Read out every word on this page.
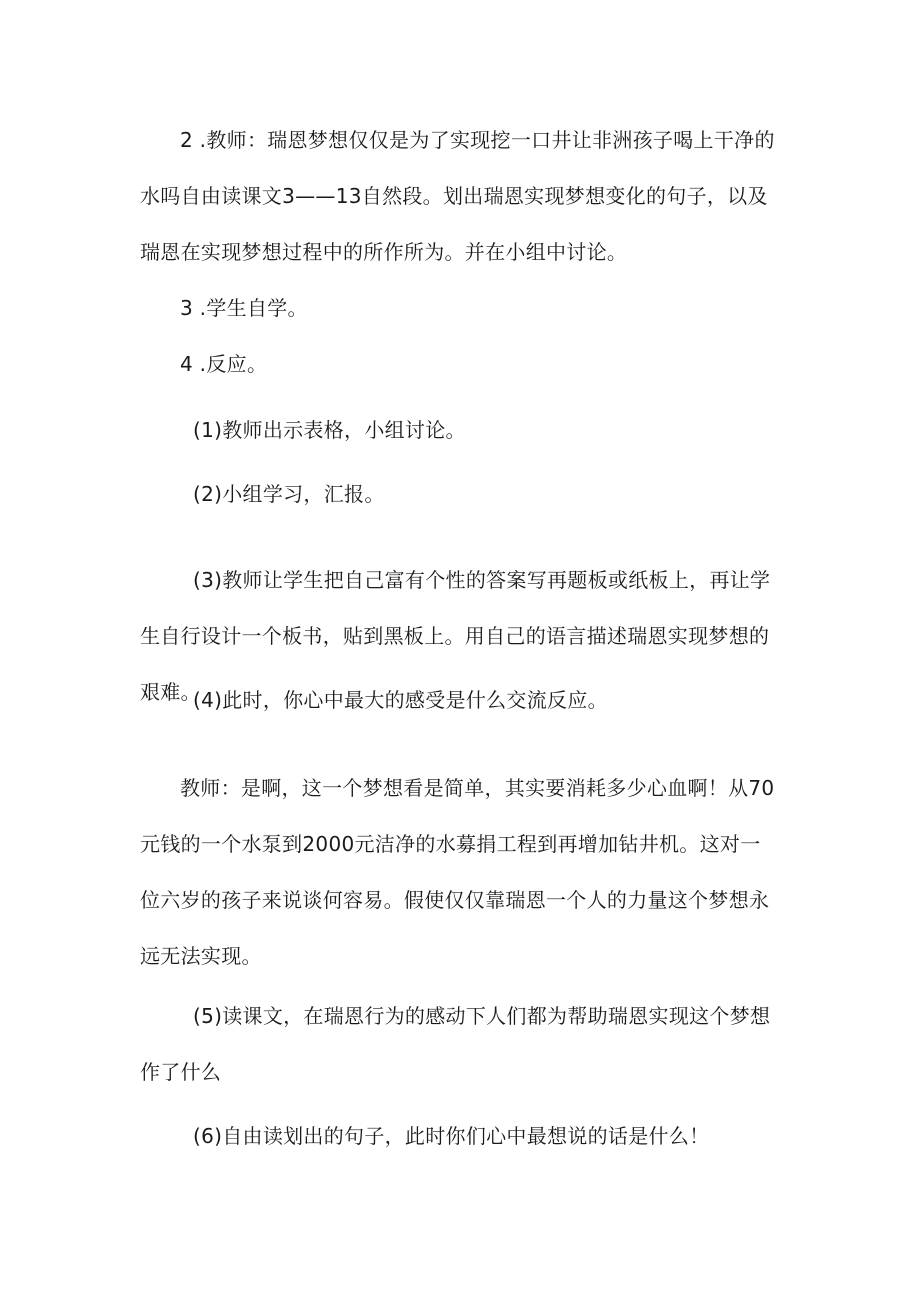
2 .教师：瑞恩梦想仅仅是为了实现挖一口井让非洲孩子喝上干净的水吗自由读课文3——13自然段。划出瑞恩实现梦想变化的句子，以及瑞恩在实现梦想过程中的所作所为。并在小组中讨论。

3 .学生自学。

4 .反应。

(1)教师出示表格，小组讨论。

(2)小组学习，汇报。

(3)教师让学生把自己富有个性的答案写再题板或纸板上，再让学生自行设计一个板书，贴到黑板上。用自己的语言描述瑞恩实现梦想的艰难。

(4)此时，你心中最大的感受是什么交流反应。

教师：是啊，这一个梦想看是简单，其实要消耗多少心血啊！从70元钱的一个水泵到2000元洁净的水募捐工程到再增加钻井机。这对一位六岁的孩子来说谈何容易。假使仅仅靠瑞恩一个人的力量这个梦想永远无法实现。

(5)读课文，在瑞恩行为的感动下人们都为帮助瑞恩实现这个梦想作了什么

(6)自由读划出的句子，此时你们心中最想说的话是什么！
